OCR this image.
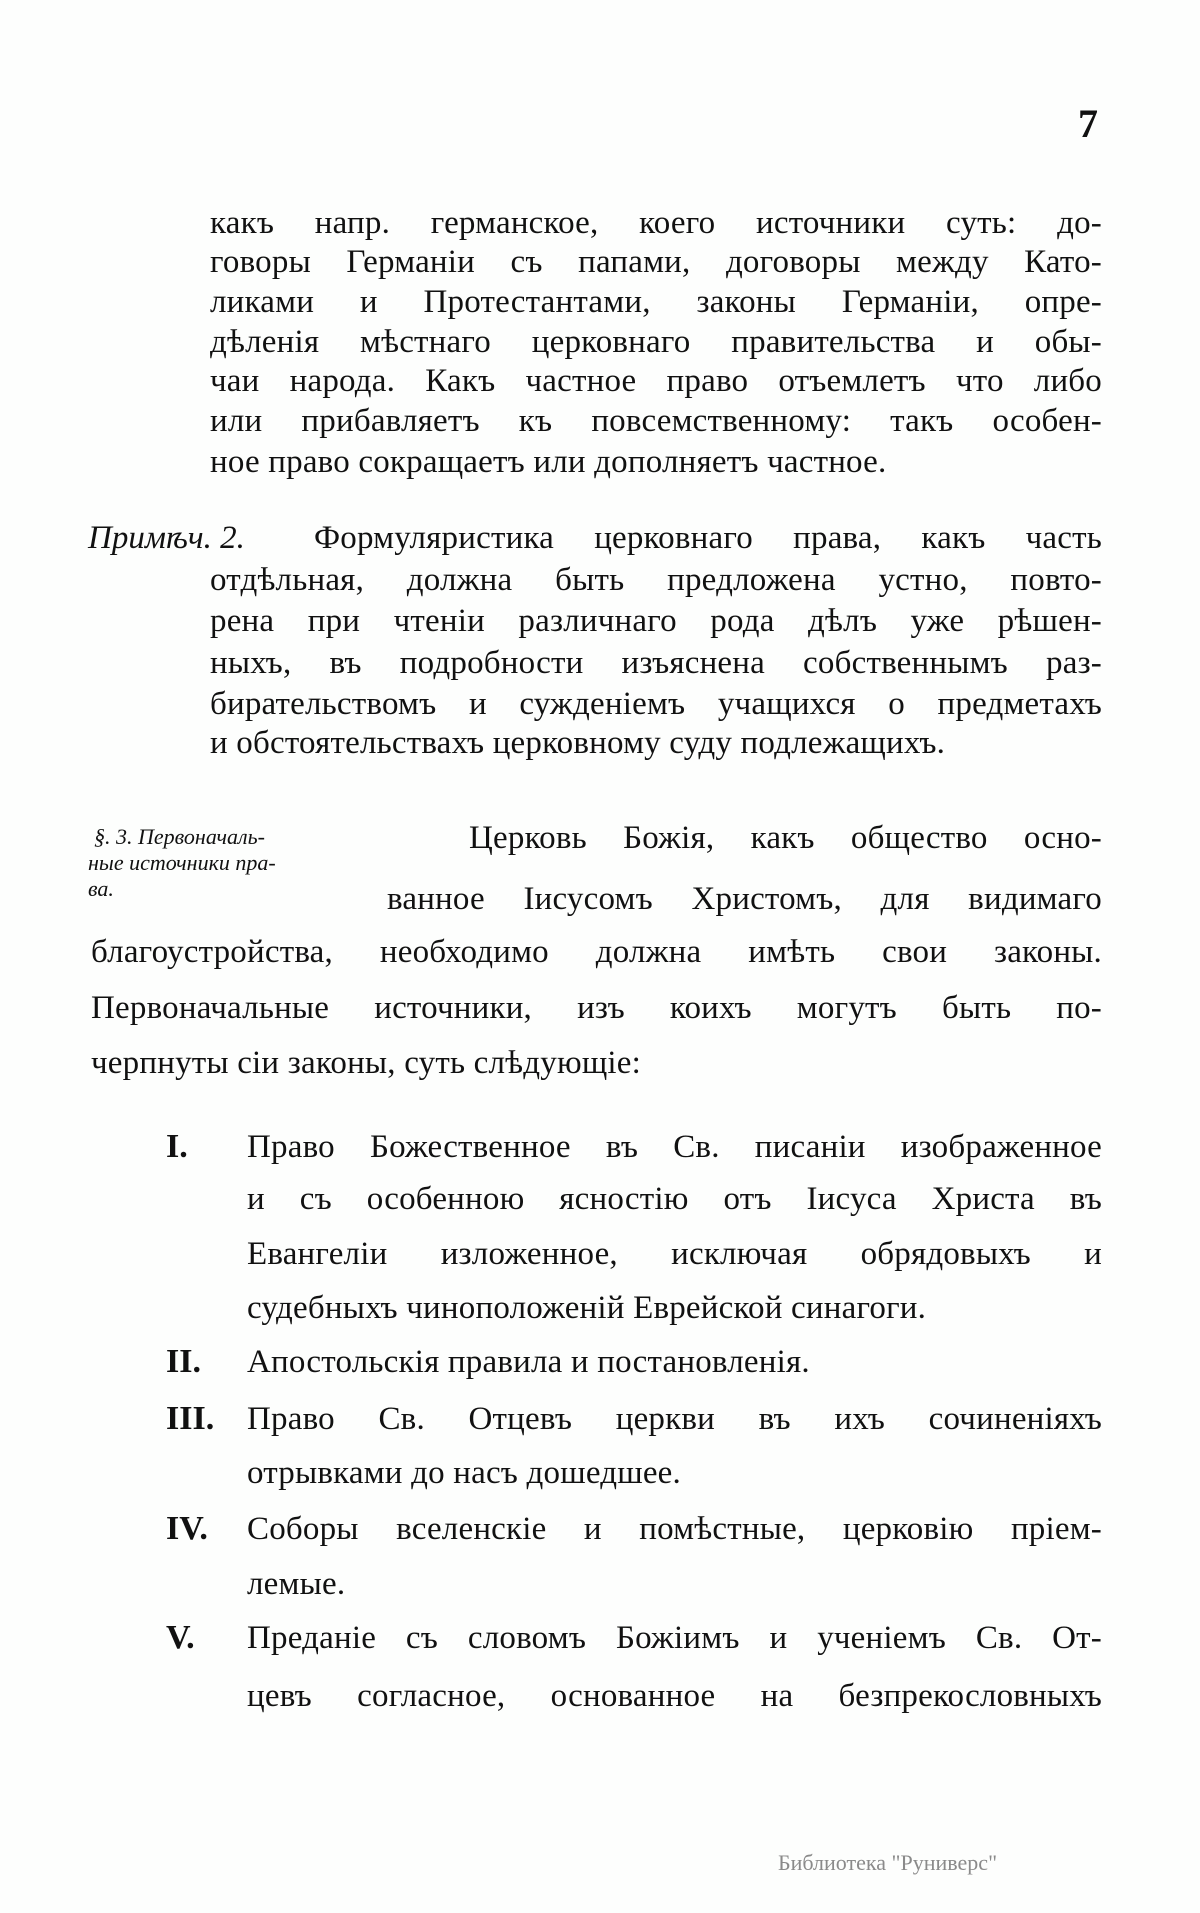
7
какъ напр. германское, коего источники суть: до-
говоры Германіи съ папами, договоры между Като-
ликами и Протестантами, законы Германіи, опре-
дѣленія мѣстнаго церковнаго правительства и обы-
чаи народа. Какъ частное право отъемлетъ что либо
или прибавляетъ къ повсемственному: такъ особен-
ное право сокращаетъ или дополняетъ частное.
Примѣч. 2. Формуляристика церковнаго права, какъ часть
отдѣльная, должна быть предложена устно, повто-
рена при чтеніи различнаго рода дѣлъ уже рѣшен-
ныхъ, въ подробности изъяснена собственнымъ раз-
бирательствомъ и сужденіемъ учащихся о предметахъ
и обстоятельствахъ церковному суду подлежащихъ.
§. 3. Первоначаль-
ные источники пра-
ва.
Церковь Божія, какъ общество осно-
ванное Іисусомъ Христомъ, для видимаго
благоустройства, необходимо должна имѣть свои законы.
Первоначальные источники, изъ коихъ могутъ быть по-
черпнуты сіи законы, суть слѣдующіе:
I. Право Божественное въ Св. писаніи изображенное
и съ особенною ясностію отъ Іисуса Христа въ
Евангеліи изложенное, исключая обрядовыхъ и
судебныхъ чиноположеній Еврейской синагоги.
II. Апостольскія правила и постановленія.
III. Право Св. Отцевъ церкви въ ихъ сочиненіяхъ
отрывками до насъ дошедшее.
IV. Соборы вселенскіе и помѣстные, церковію пріем-
лемые.
V. Преданіе съ словомъ Божіимъ и ученіемъ Св. От-
цевъ согласное, основанное на безпрекословныхъ
Библиотека "Руниверс"
